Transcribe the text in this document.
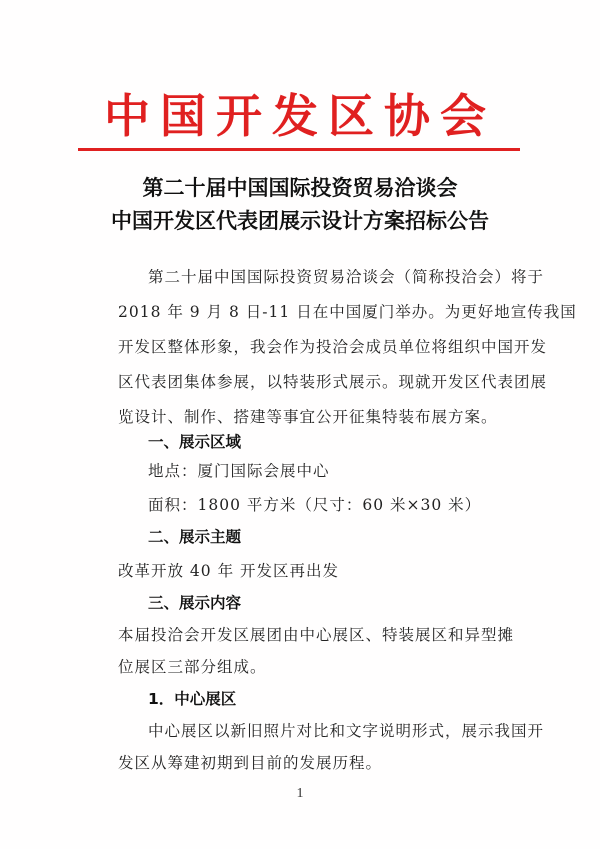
中国开发区协会
第二十届中国国际投资贸易洽谈会
中国开发区代表团展示设计方案招标公告
第二十届中国国际投资贸易洽谈会（简称投洽会）将于
2018 年 9 月 8 日-11 日在中国厦门举办。为更好地宣传我国
开发区整体形象，我会作为投洽会成员单位将组织中国开发
区代表团集体参展，以特装形式展示。现就开发区代表团展
览设计、制作、搭建等事宜公开征集特装布展方案。
一、展示区域
地点：厦门国际会展中心
面积：1800 平方米（尺寸：60 米×30 米）
二、展示主题
改革开放 40 年 开发区再出发
三、展示内容
本届投洽会开发区展团由中心展区、特装展区和异型摊
位展区三部分组成。
1．中心展区
中心展区以新旧照片对比和文字说明形式，展示我国开
发区从筹建初期到目前的发展历程。
1
